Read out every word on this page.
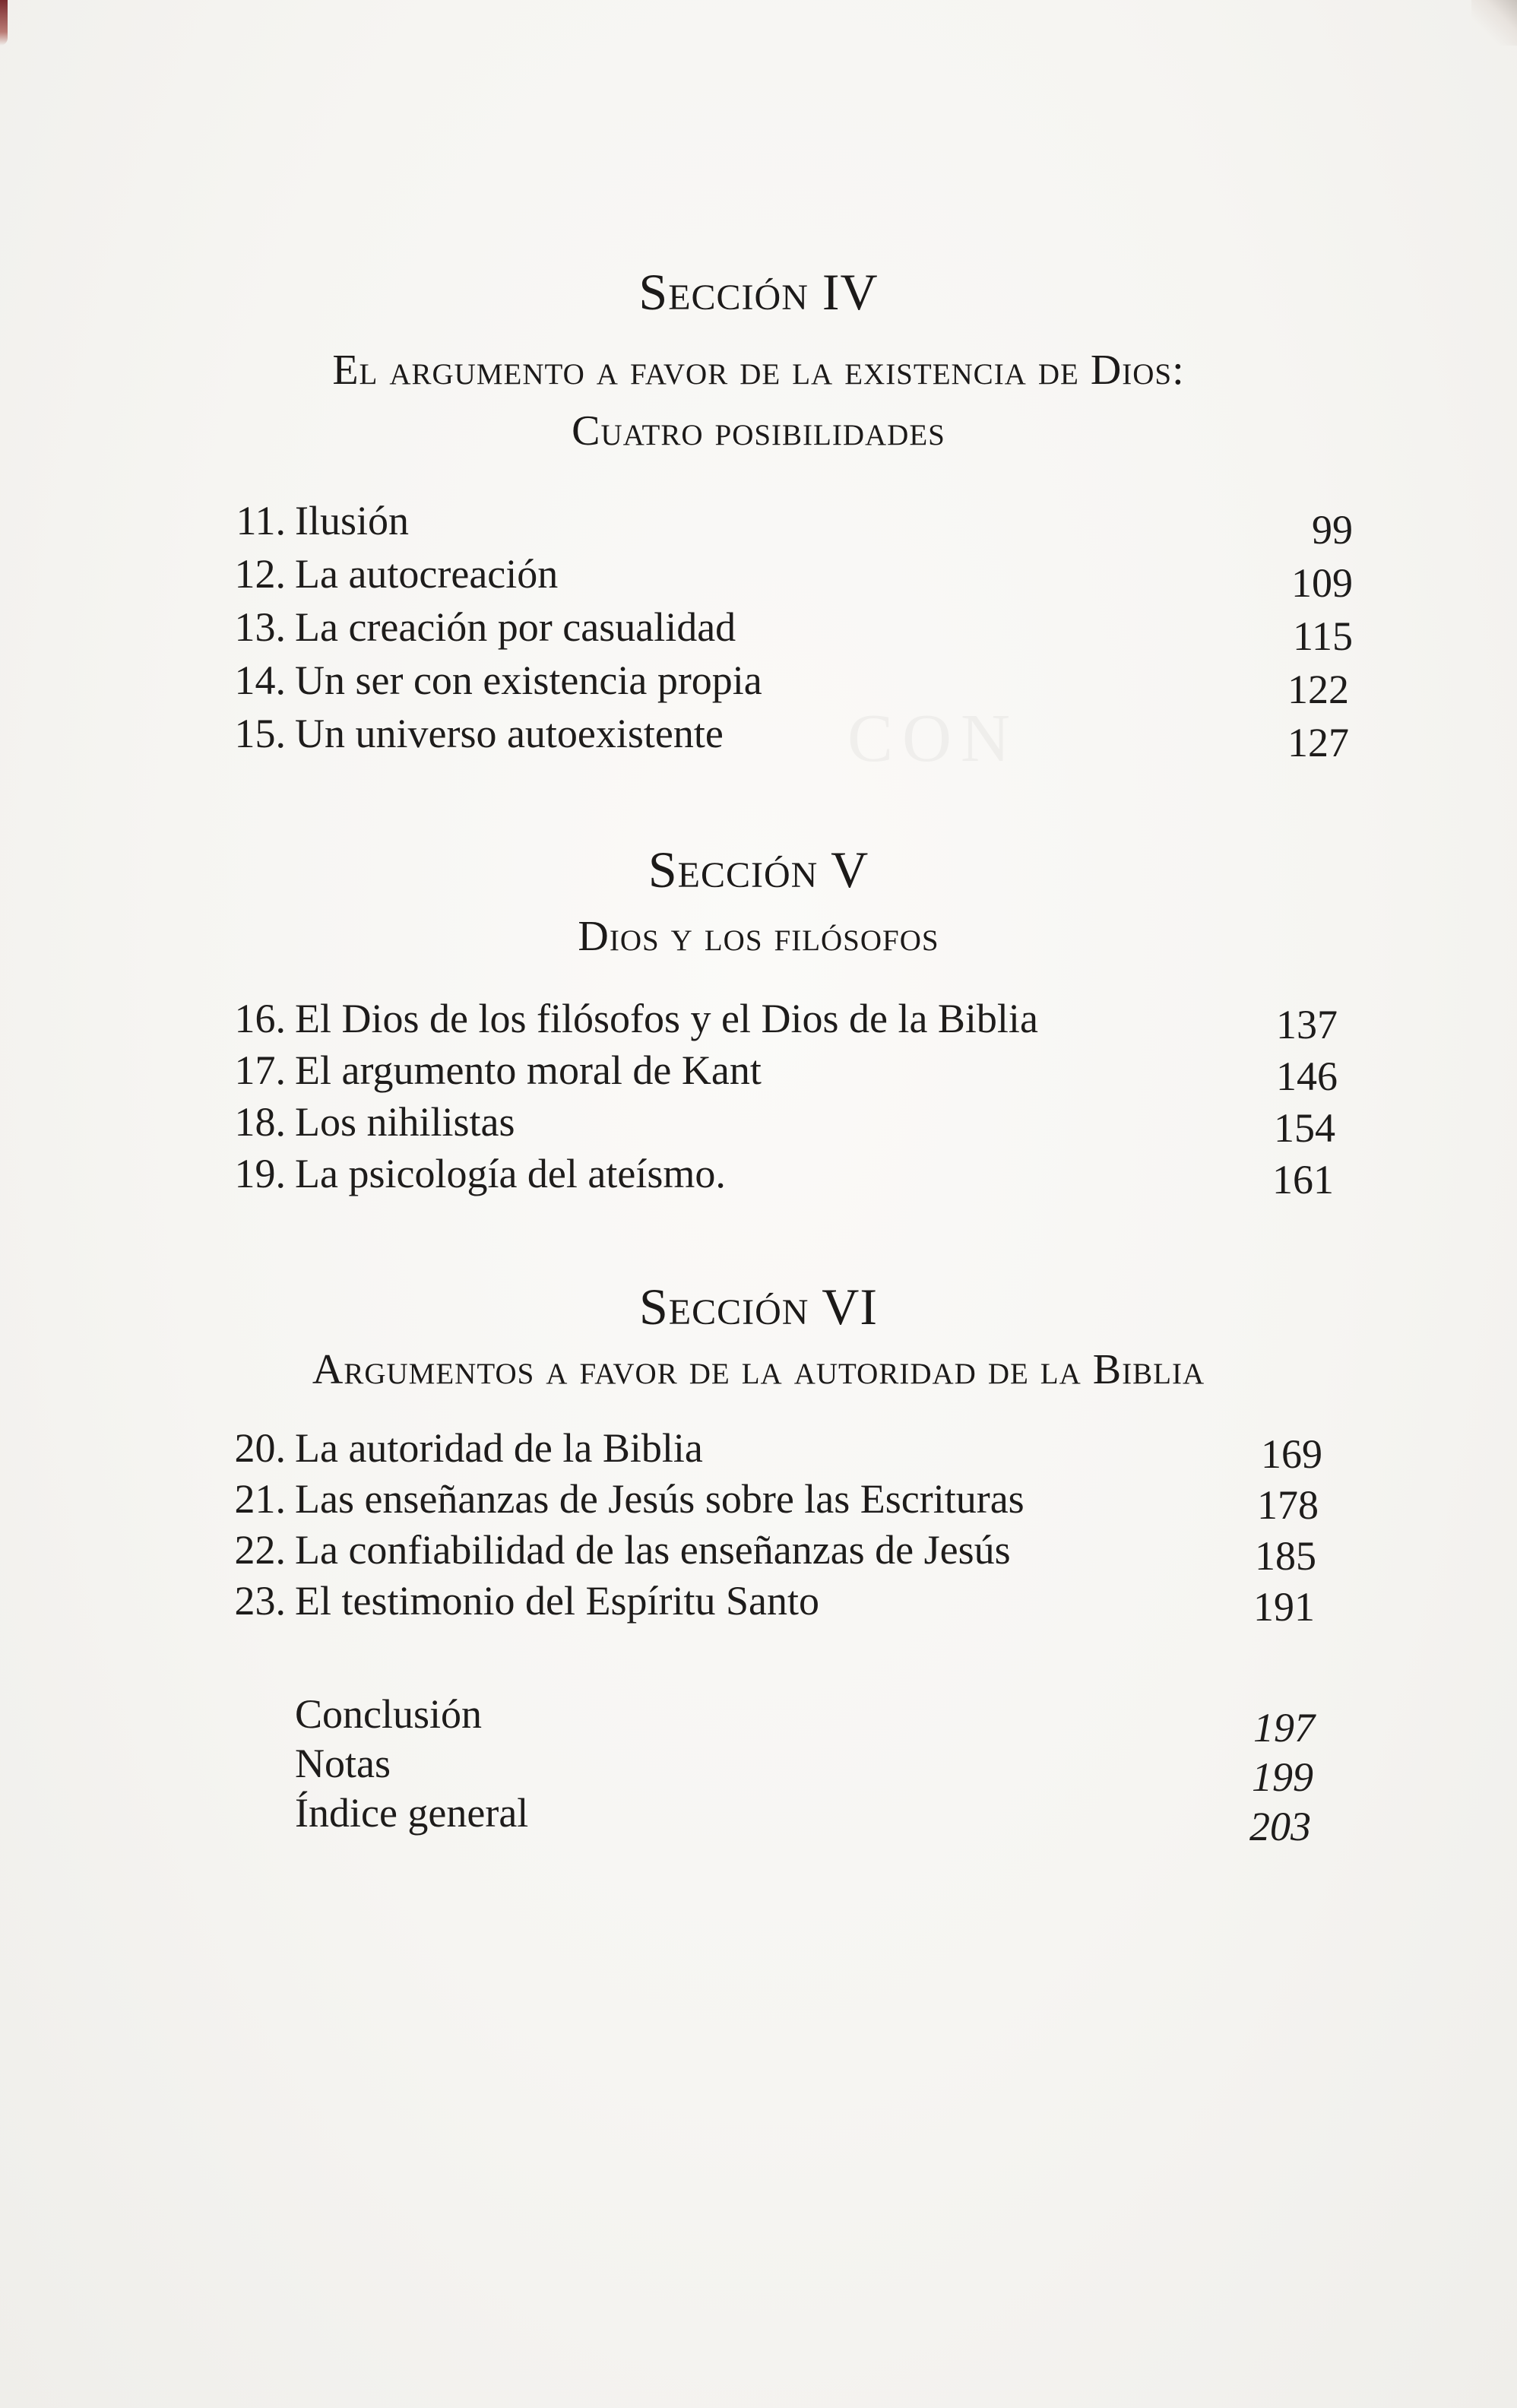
CON
Sección IV
El argumento a favor de la existencia de Dios:
Cuatro posibilidades
11. Ilusión	99
12. La autocreación	109
13. La creación por casualidad	115
14. Un ser con existencia propia	122
15. Un universo autoexistente	127
Sección V
Dios y los filósofos
16. El Dios de los filósofos y el Dios de la Biblia	137
17. El argumento moral de Kant	146
18. Los nihilistas	154
19. La psicología del ateísmo.	161
Sección VI
Argumentos a favor de la autoridad de la Biblia
20. La autoridad de la Biblia	169
21. Las enseñanzas de Jesús sobre las Escrituras	178
22. La confiabilidad de las enseñanzas de Jesús	185
23. El testimonio del Espíritu Santo	191
Conclusión	197
Notas	199
Índice general	203
